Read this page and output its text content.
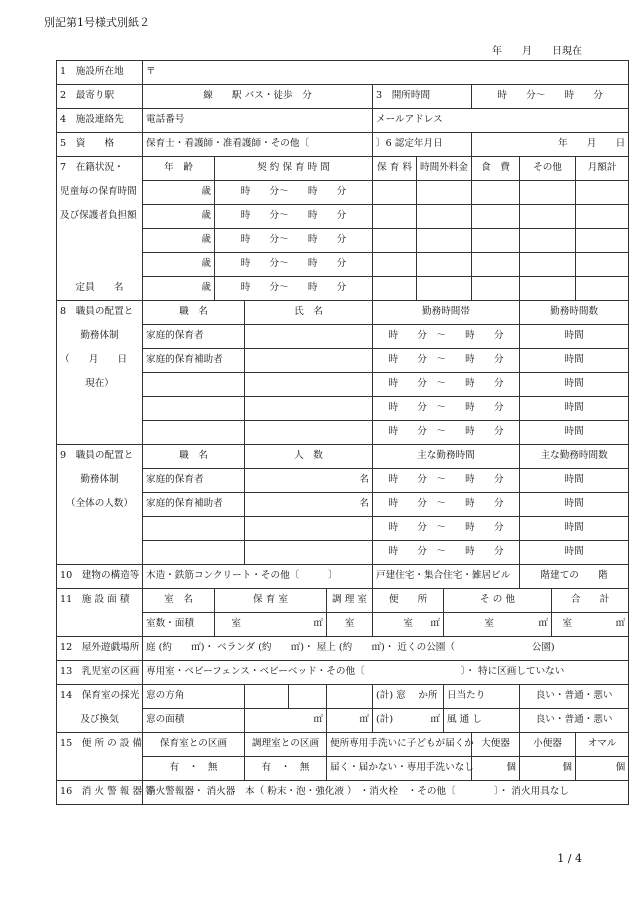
別記第1号様式別紙２
年　　月　　日現在
1　施設所在地	〒												
2　最寄り駅	線　　駅 バス・徒歩　分					3　開所時間			時　　分〜　　時　　分				
4　施設連絡先	電話番号					メールアドレス							
5　資　　格	保育士・看護師・准看護師・その他〔					〕6 認定年月日			年　　月　　日				
7　在籍状況・	年　齢	契 約 保 育 時 間				保 育 料	時間外料金		食　費		その他		月額計
児童毎の保育時間	歳	時　　分〜　　時　　分											
及び保護者負担額	歳	時　　分〜　　時　　分											
	歳	時　　分〜　　時　　分											
	歳	時　　分〜　　時　　分											
定員　　名	歳	時　　分〜　　時　　分											
8　職員の配置と	職　名		氏　名			勤務時間帯					勤務時間数		
勤務体制	家庭的保育者					時　　分　〜　　時　　分					時間		
（　　月　　日	家庭的保育補助者					時　　分　〜　　時　　分					時間		
現在）						時　　分　〜　　時　　分					時間		
						時　　分　〜　　時　　分					時間		
						時　　分　〜　　時　　分					時間		
9　職員の配置と	職　名		人　数			主な勤務時間					主な勤務時間数		
勤務体制	家庭的保育者		名			時　　分　〜　　時　　分					時間		
（全体の人数）	家庭的保育補助者		名			時　　分　〜　　時　　分					時間		
						時　　分　〜　　時　　分					時間		
						時　　分　〜　　時　　分					時間		
10　建物の構造等	木造・鉄筋コンクリート・その他〔　　　〕					戸建住宅・集合住宅・雑居ビル					階建ての　　階		
11　施 設 面 積	室　名	保 育 室			調 理 室	便　　所		そ の 他				合　　計	
	室数・面積	室	㎡		室	室	㎡	室		㎡		室	㎡
12　屋外遊戯場所	庭 (約　　㎡)・ ベランダ (約　　㎡)・ 屋上 (約　　㎡)・ 近くの公園（　　　　　　　　公園)												
13　乳児室の区画	専用室・ベビーフェンス・ベビーベッド・その他〔　　　　　　　　　　〕・ 特に区画していない												
14　保育室の採光	窓の方角					(計) 窓　 か所		日当たり			良い・普通・悪い		
及び換気	窓の面積		㎡		㎡	(計)	㎡	風 通 し			良い・普通・悪い		
15　便 所 の 設 備	保育室との区画		調理室との区画		便所専用手洗いに子どもが届くか				大便器		小便器		オマル
	有　・　無		有　・　無		届く・届かない・専用手洗いなし				個		個		個
16　消 火 警 報 器 等	消火警報器・ 消火器　本（ 粉末・泡・強化液 ） ・消火栓　・その他〔　　　　〕・ 消火用具なし												
1 / 4
